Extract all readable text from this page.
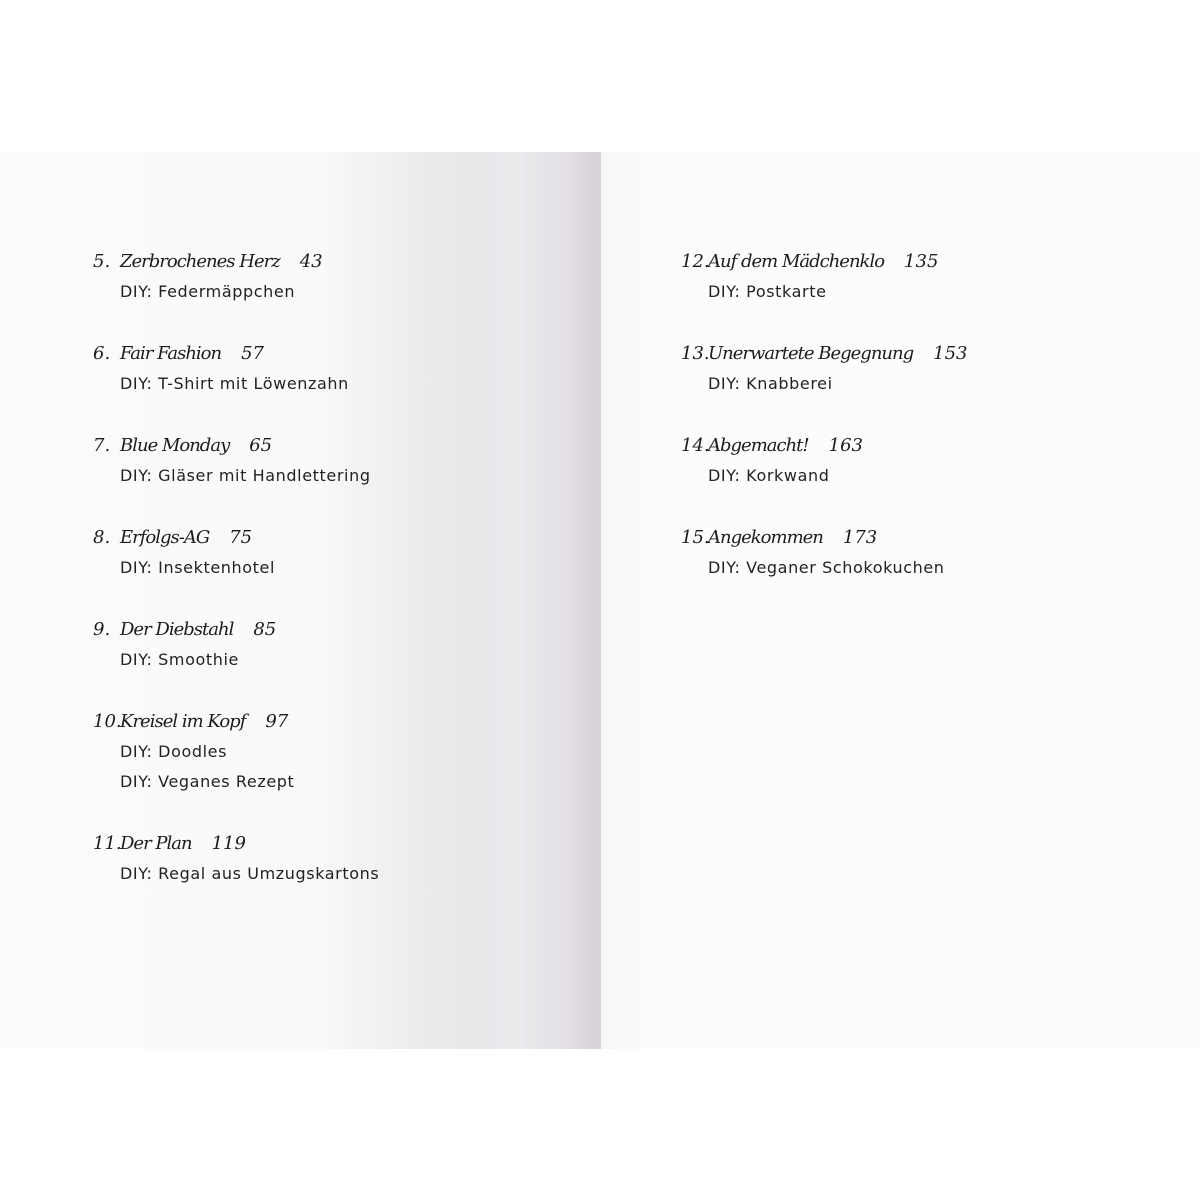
5. Zerbrochenes Herz 43
DIY: Federmäppchen
6. Fair Fashion 57
DIY: T-Shirt mit Löwenzahn
7. Blue Monday 65
DIY: Gläser mit Handlettering
8. Erfolgs-AG 75
DIY: Insektenhotel
9. Der Diebstahl 85
DIY: Smoothie
10.Kreisel im Kopf 97
DIY: Doodles
DIY: Veganes Rezept
11.Der Plan 119
DIY: Regal aus Umzugskartons
12.Auf dem Mädchenklo 135
DIY: Postkarte
13.Unerwartete Begegnung 153
DIY: Knabberei
14.Abgemacht! 163
DIY: Korkwand
15.Angekommen 173
DIY: Veganer Schokokuchen
